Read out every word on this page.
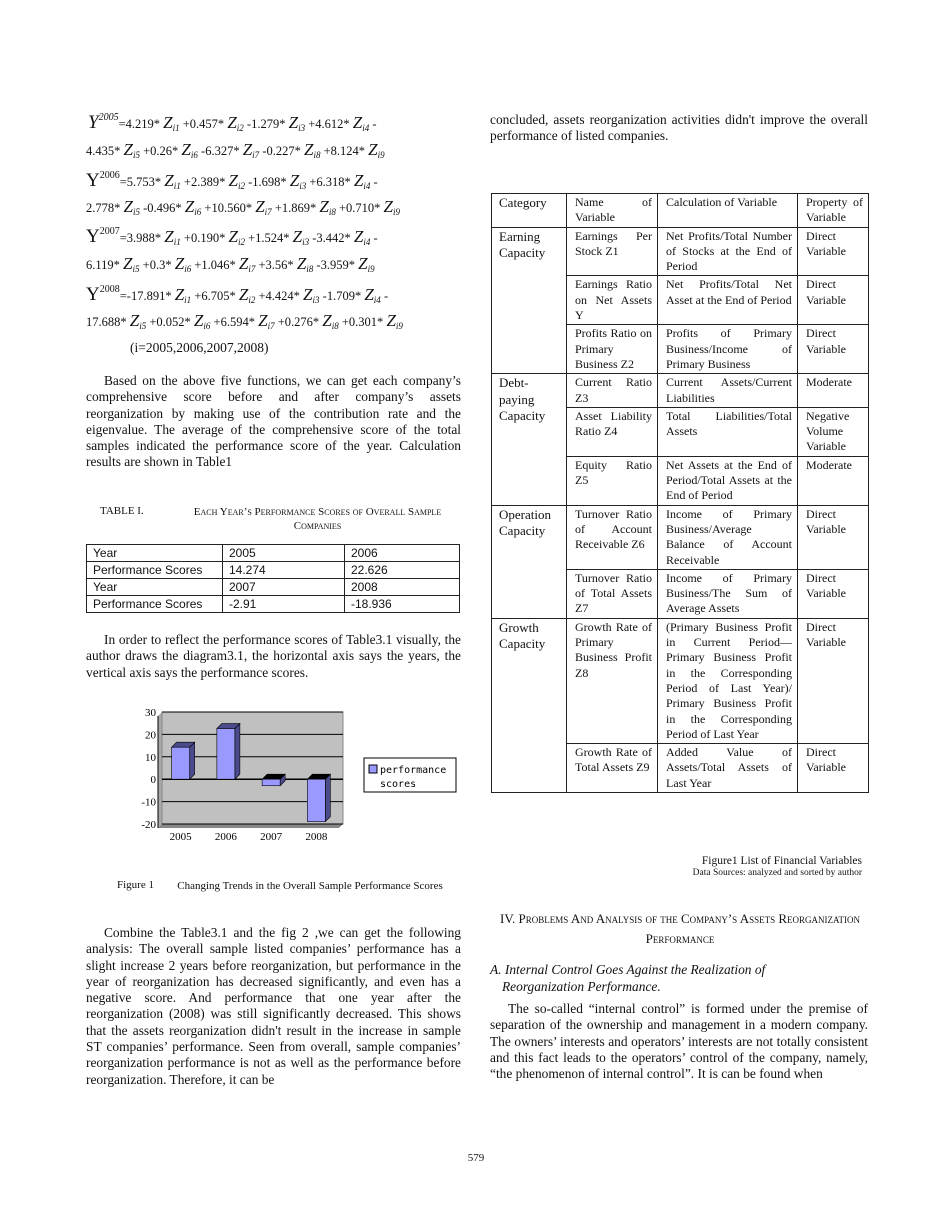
$Y^{2005}=4.219*$ $Z_{i1} +0.457*$ $Z_{i2}$ -1.279* $Z_{i3} +4.612*$ $Z_{i4}$ -
4.435* $Z_{i5} +0.26*$ $Z_{i6}$ -6.327* $Z_{i7}$ -0.227* $Z_{i8} +8.124*$ $Z_{i9}$
$Y^{2006}=5.753*$ $Z_{i1} +2.389*$ $Z_{i2}$ -1.698* $Z_{i3} +6.318*$ $Z_{i4}$ -
2.778* $Z_{i5}$ -0.496* $Z_{i6} +10.560*$ $Z_{i7} +1.869*$ $Z_{i8} +0.710*$ $Z_{i9}$
$Y^{2007}=3.988*$ $Z_{i1} +0.190*$ $Z_{i2} +1.524*$ $Z_{i3}$ -3.442* $Z_{i4}$ -
6.119* $Z_{i5} +0.3*$ $Z_{i6} +1.046*$ $Z_{i7} +3.56*$ $Z_{i8}$ -3.959* $Z_{i9}$
$Y^{2008}=-17.891*$ $Z_{i1} +6.705*$ $Z_{i2} +4.424*$ $Z_{i3}$ -1.709* $Z_{i4}$ -
17.688* $Z_{i5} +0.052*$ $Z_{i6} +6.594*$ $Z_{i7} +0.276*$ $Z_{i8} +0.301*$ $Z_{i9}$
(i=2005,2006,2007,2008)
Based on the above five functions, we can get each company’s comprehensive score before and after company’s assets reorganization by making use of the contribution rate and the eigenvalue. The average of the comprehensive score of the total samples indicated the performance score of the year. Calculation results are shown in Table1
TABLE I.	Each Year’s Performance Scores of Overall Sample Companies
Year	2005	2006
Performance Scores	14.274	22.626
Year	2007	2008
Performance Scores	-2.91	-18.936
In order to reflect the performance scores of Table3.1 visually, the author draws the diagram3.1, the horizontal axis says the years, the vertical axis says the performance scores.
30
20
10
0
-10
-20
2005 2006 2007 2008
performance
scores
Figure 1	Changing Trends in the Overall Sample Performance Scores
Combine the Table3.1 and the fig 2 ,we can get the following analysis: The overall sample listed companies’ performance has a slight increase 2 years before reorganization, but performance in the year of reorganization has decreased significantly, and even has a negative score. And performance that one year after the reorganization (2008) was still significantly decreased. This shows that the assets reorganization didn't result in the increase in sample ST companies’ performance. Seen from overall, sample companies’ reorganization performance is not as well as the performance before reorganization. Therefore, it can be
concluded, assets reorganization activities didn't improve the overall performance of listed companies.
Category	Name of Variable	Calculation of Variable	Property of Variable
Earning Capacity	Earnings Per Stock Z1	Net Profits/Total Number of Stocks at the End of Period	Direct Variable
	Earnings Ratio on Net Assets Y	Net Profits/Total Net Asset at the End of Period	Direct Variable
	Profits Ratio on Primary Business Z2	Profits of Primary Business/Income of Primary Business	Direct Variable
Debt-paying Capacity	Current Ratio Z3	Current Assets/Current Liabilities	Moderate
	Asset Liability Ratio Z4	Total Liabilities/Total Assets	Negative Volume Variable
	Equity Ratio Z5	Net Assets at the End of Period/Total Assets at the End of Period	Moderate
Operation Capacity	Turnover Ratio of Account Receivable Z6	Income of Primary Business/Average Balance of Account Receivable	Direct Variable
	Turnover Ratio of Total Assets Z7	Income of Primary Business/The Sum of Average Assets	Direct Variable
Growth Capacity	Growth Rate of Primary Business Profit Z8	(Primary Business Profit in Current Period—Primary Business Profit in the Corresponding Period of Last Year)/ Primary Business Profit in the Corresponding Period of Last Year	Direct Variable
	Growth Rate of Total Assets Z9	Added Value of Assets/Total Assets of Last Year	Direct Variable
Figure1 List of Financial Variables
Data Sources: analyzed and sorted by author
IV. Problems And Analysis of the Company’s Assets Reorganization Performance
A. Internal Control Goes Against the Realization of Reorganization Performance.
The so-called “internal control” is formed under the premise of separation of the ownership and management in a modern company. The owners’ interests and operators’ interests are not totally consistent and this fact leads to the operators’ control of the company, namely, “the phenomenon of internal control”. It is can be found when
579
